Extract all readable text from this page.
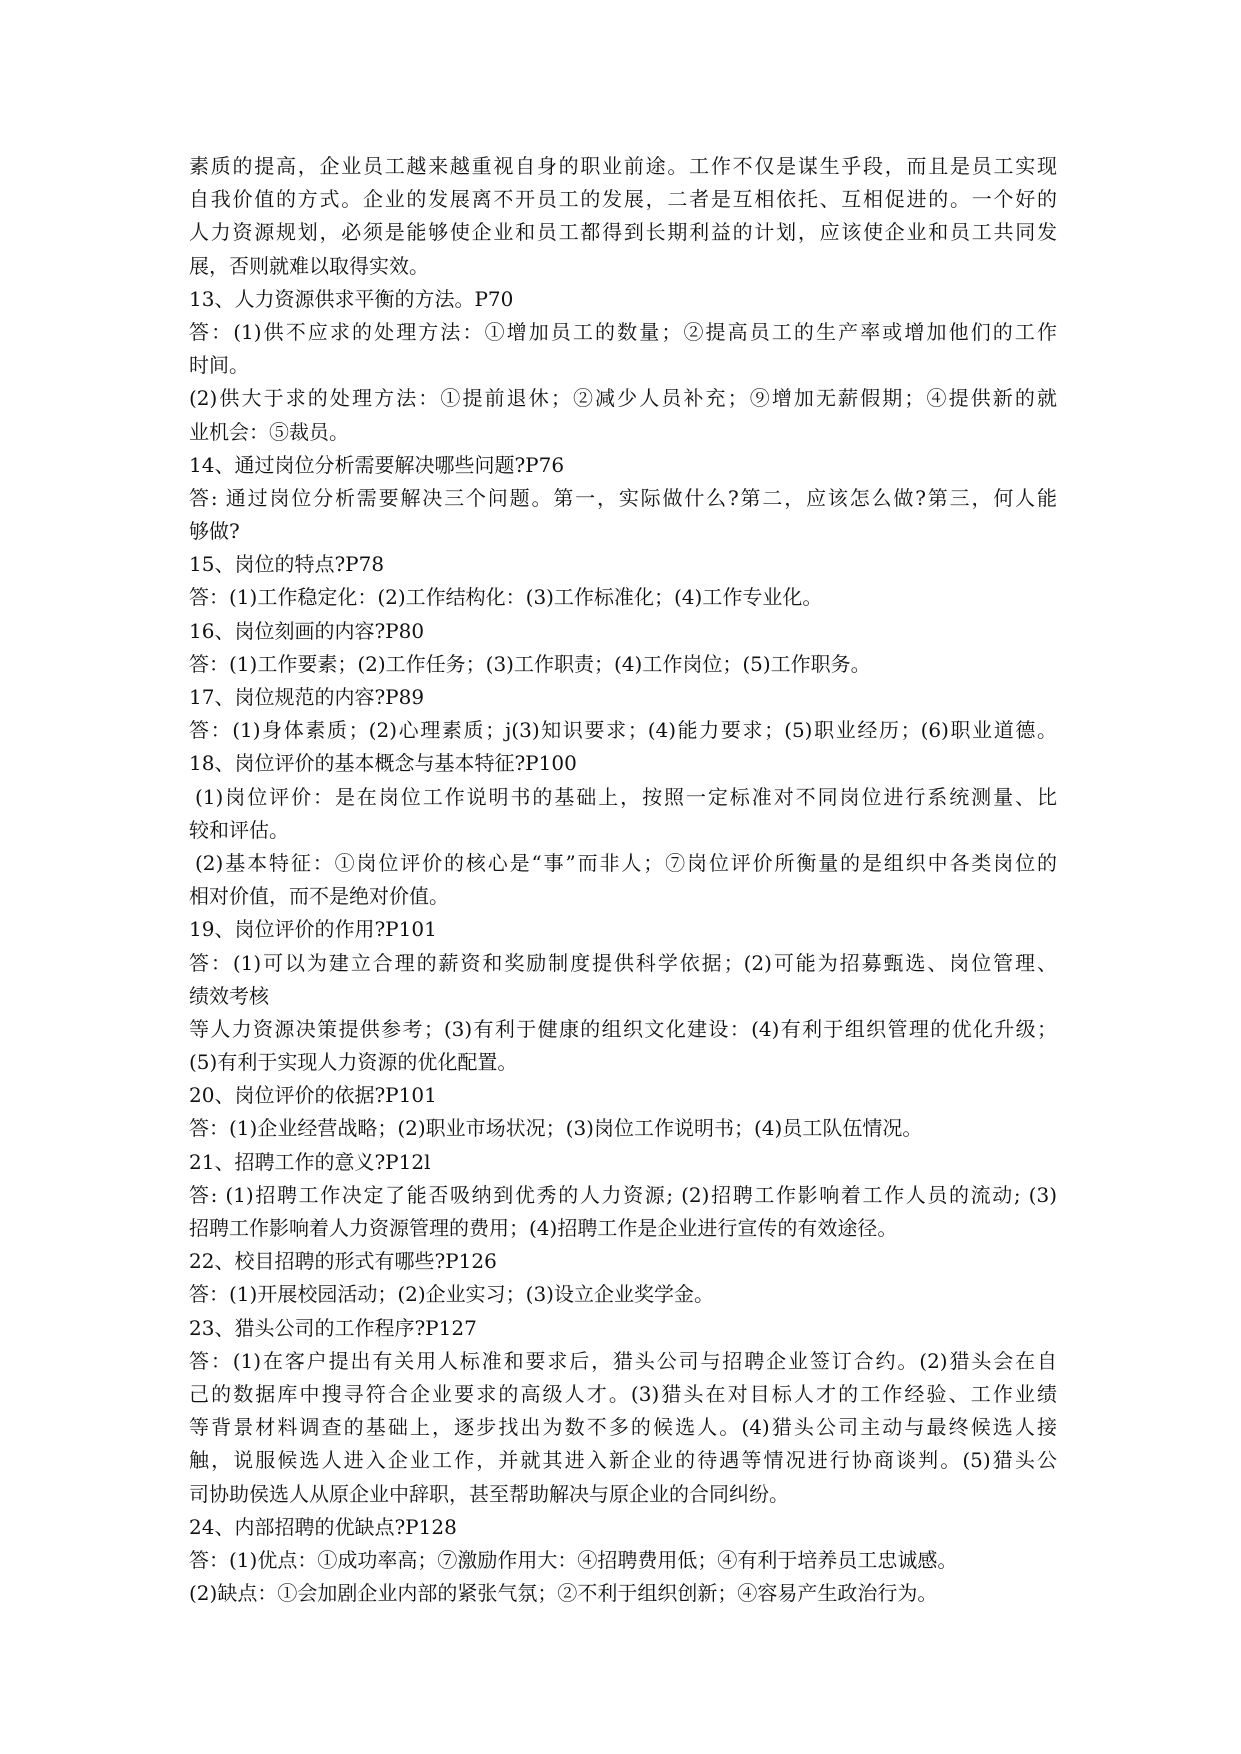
素质的提高，企业员工越来越重视自身的职业前途。工作不仅是谋生乎段，而且是员工实现
自我价值的方式。企业的发展离不开员工的发展，二者是互相依托、互相促进的。一个好的
人力资源规划，必须是能够使企业和员工都得到长期利益的计划，应该使企业和员工共同发
展，否则就难以取得实效。
13、人力资源供求平衡的方法。P70
答：(1)供不应求的处理方法：①增加员工的数量；②提高员工的生产率或增加他们的工作
时间。
(2)供大于求的处理方法：①提前退休；②减少人员补充；⑨增加无薪假期；④提供新的就
业机会：⑤裁员。
14、通过岗位分析需要解决哪些问题?P76
答: 通过岗位分析需要解决三个问题。第一，实际做什么?第二，应该怎么做?第三，何人能
够做?
15、岗位的特点?P78
答：(1)工作稳定化：(2)工作结构化：(3)工作标准化；(4)工作专业化。
16、岗位刻画的内容?P80
答：(1)工作要素；(2)工作任务；(3)工作职责；(4)工作岗位；(5)工作职务。
17、岗位规范的内容?P89
答：(1)身体素质；(2)心理素质；j(3)知识要求；(4)能力要求；(5)职业经历；(6)职业道德。
18、岗位评价的基本概念与基本特征?P100
(1)岗位评价：是在岗位工作说明书的基础上，按照一定标准对不同岗位进行系统测量、比
较和评估。
(2)基本特征：①岗位评价的核心是“事”而非人；⑦岗位评价所衡量的是组织中各类岗位的
相对价值，而不是绝对价值。
19、岗位评价的作用?P101
答：(1)可以为建立合理的薪资和奖励制度提供科学依据；(2)可能为招募甄选、岗位管理、
绩效考核
等人力资源决策提供参考；(3)有利于健康的组织文化建设：(4)有利于组织管理的优化升级；
(5)有利于实现人力资源的优化配置。
20、岗位评价的依据?P101
答：(1)企业经营战略；(2)职业市场状况；(3)岗位工作说明书；(4)员工队伍情况。
21、招聘工作的意义?P12l
答: (1)招聘工作决定了能否吸纳到优秀的人力资源; (2)招聘工作影响着工作人员的流动; (3)
招聘工作影响着人力资源管理的费用；(4)招聘工作是企业进行宣传的有效途径。
22、校目招聘的形式有哪些?P126
答：(1)开展校园活动；(2)企业实习；(3)设立企业奖学金。
23、猎头公司的工作程序?P127
答：(1)在客户提出有关用人标准和要求后，猎头公司与招聘企业签订合约。(2)猎头会在自
己的数据库中搜寻符合企业要求的高级人才。(3)猎头在对目标人才的工作经验、工作业绩
等背景材料调查的基础上，逐步找出为数不多的候选人。(4)猎头公司主动与最终候选人接
触，说服候选人进入企业工作，并就其进入新企业的待遇等情况进行协商谈判。(5)猎头公
司协助侯选人从原企业中辞职，甚至帮助解决与原企业的合同纠纷。
24、内部招聘的优缺点?P128
答：(1)优点：①成功率高；⑦激励作用大：④招聘费用低；④有利于培养员工忠诚感。
(2)缺点：①会加剧企业内部的紧张气氛；②不利于组织创新；④容易产生政治行为。
